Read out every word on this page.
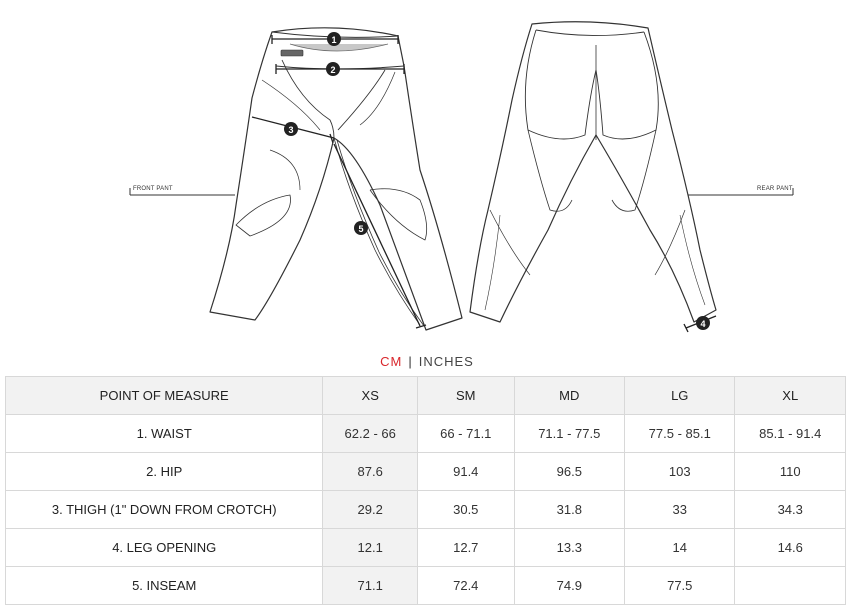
1
2
3
5
4
FRONT PANT	REAR PANT
CM | INCHES
POINT OF MEASURE	XS	SM	MD	LG	XL
1. WAIST	62.2 - 66	66 - 71.1	71.1 - 77.5	77.5 - 85.1	85.1 - 91.4
2. HIP	87.6	91.4	96.5	103	110
3. THIGH (1" DOWN FROM CROTCH)	29.2	30.5	31.8	33	34.3
4. LEG OPENING	12.1	12.7	13.3	14	14.6
5. INSEAM	71.1	72.4	74.9	77.5	
